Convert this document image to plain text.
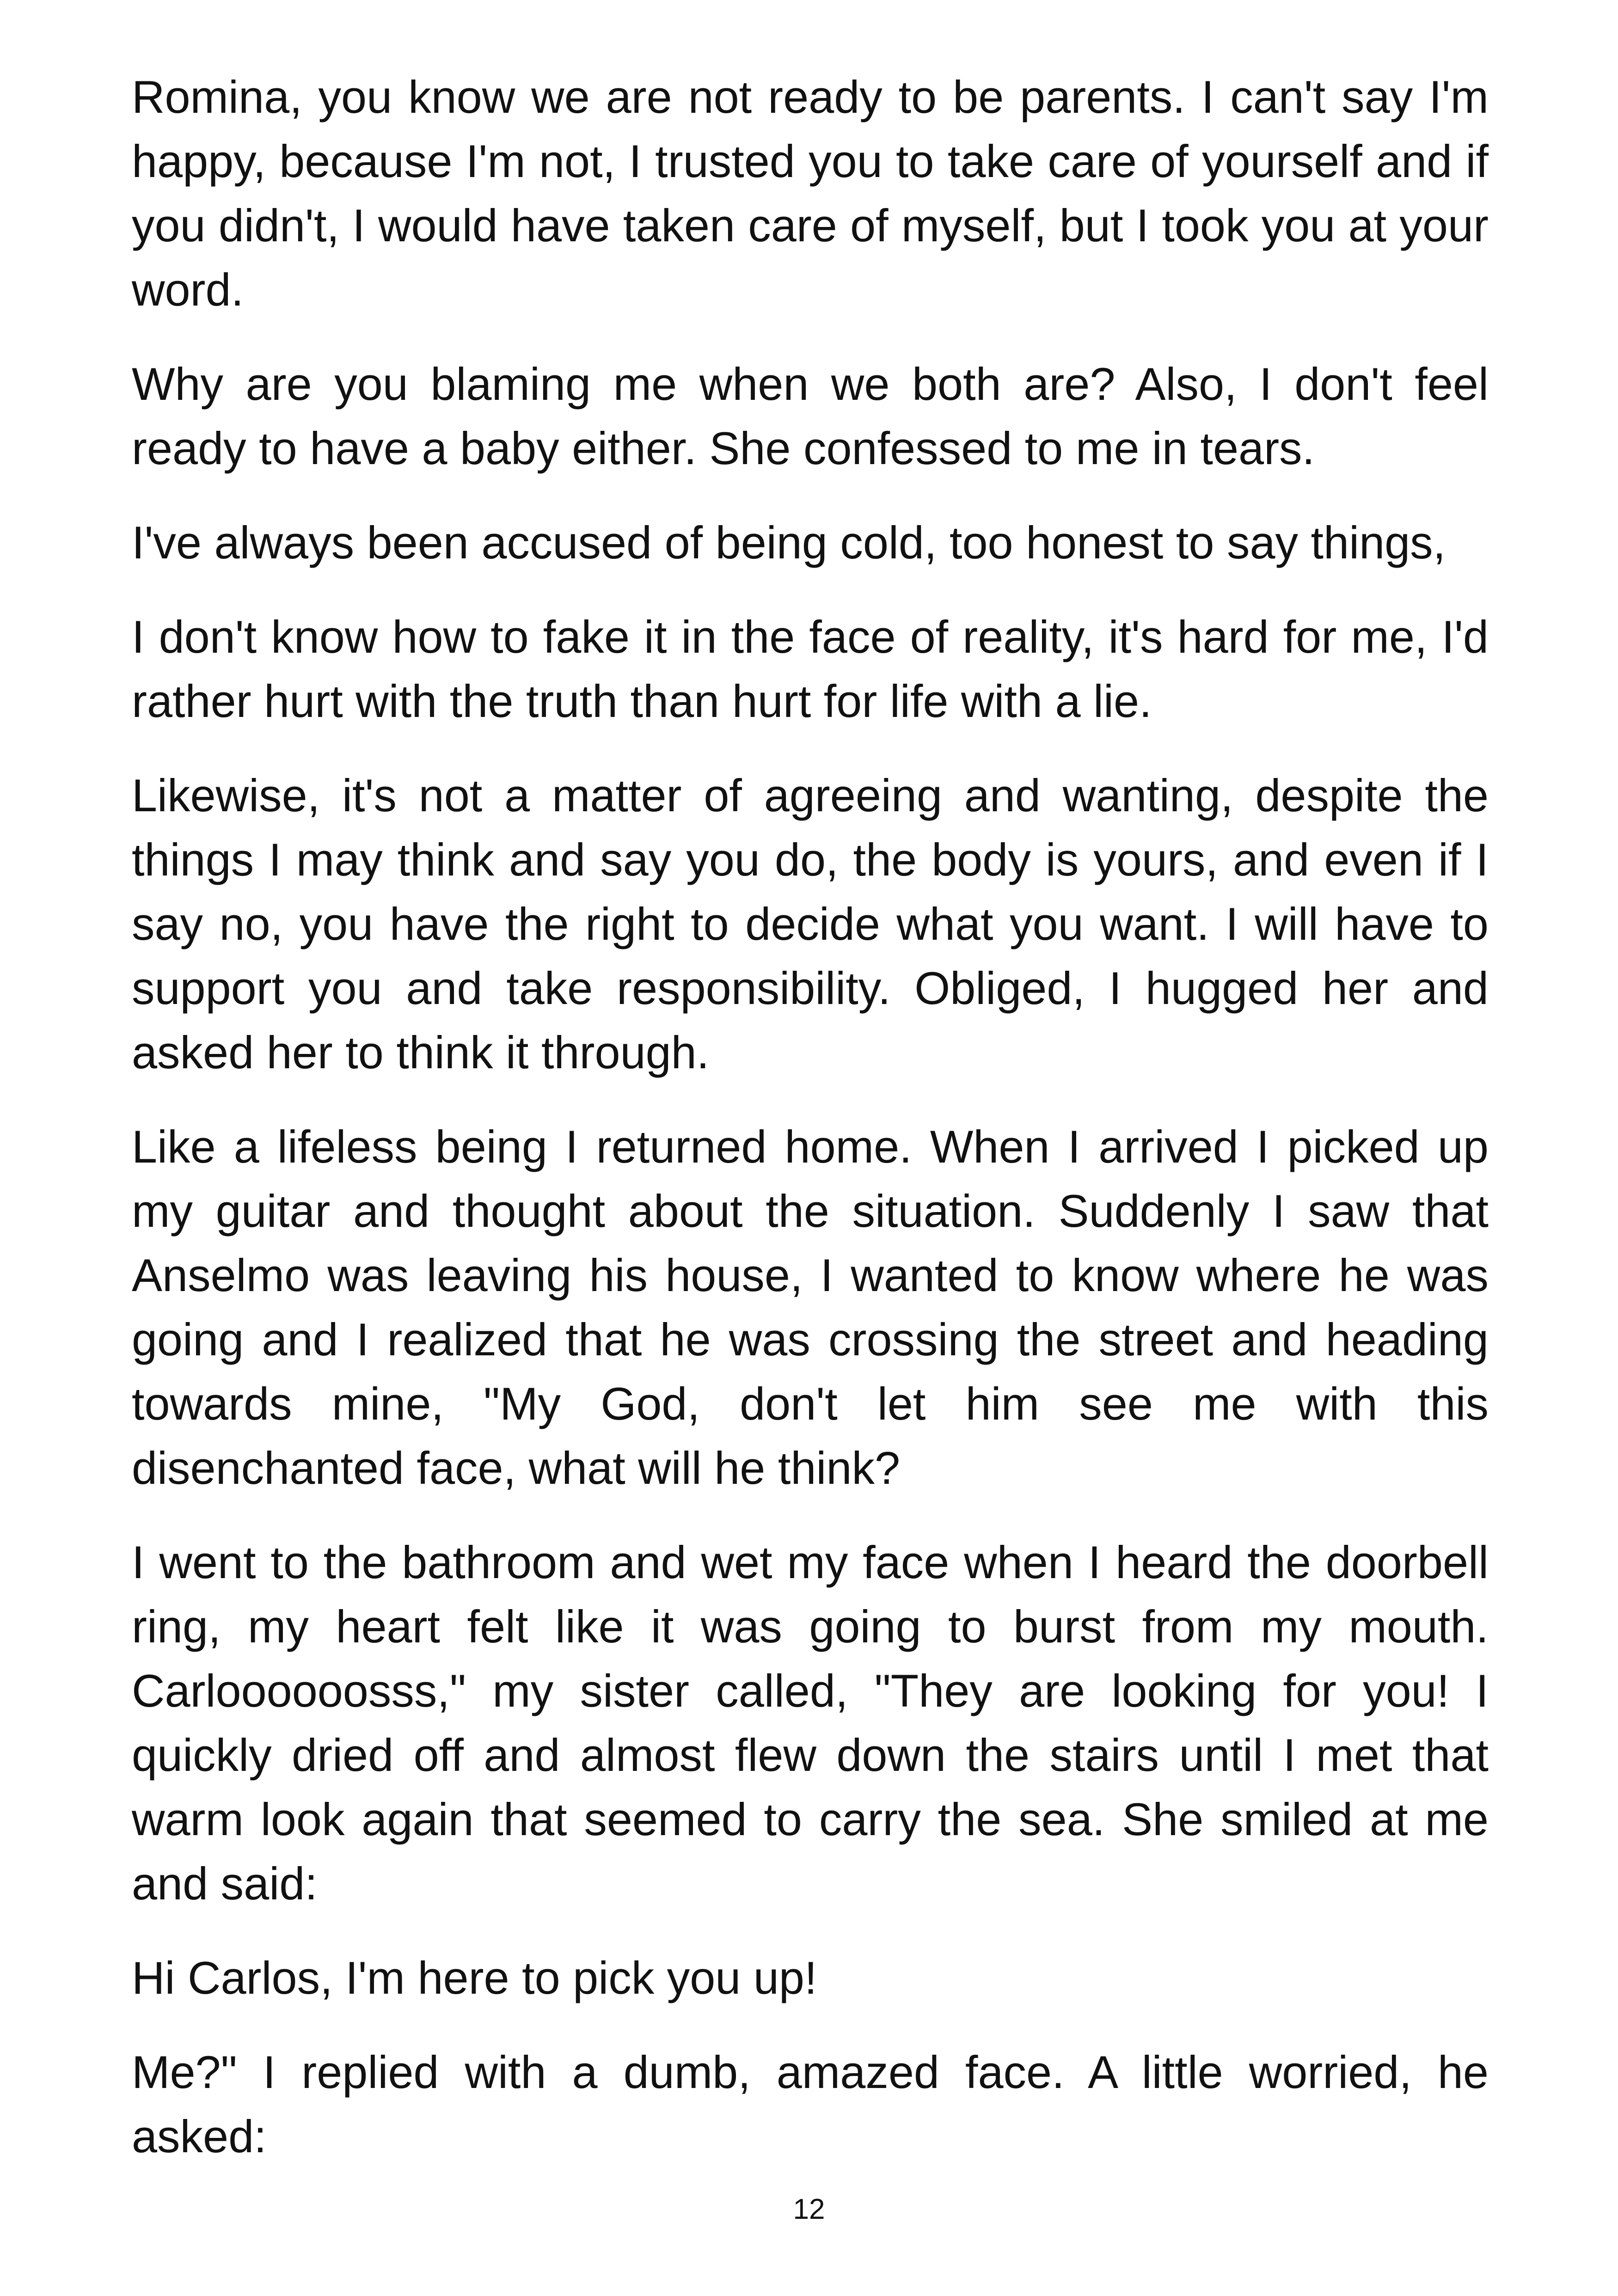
Romina, you know we are not ready to be parents. I can't say I'm happy, because I'm not, I trusted you to take care of yourself and if you didn't, I would have taken care of myself, but I took you at your word.

Why are you blaming me when we both are? Also, I don't feel ready to have a baby either. She confessed to me in tears.

I've always been accused of being cold, too honest to say things,

I don't know how to fake it in the face of reality, it's hard for me, I'd rather hurt with the truth than hurt for life with a lie.

Likewise, it's not a matter of agreeing and wanting, despite the things I may think and say you do, the body is yours, and even if I say no, you have the right to decide what you want. I will have to support you and take responsibility. Obliged, I hugged her and asked her to think it through.

Like a lifeless being I returned home. When I arrived I picked up my guitar and thought about the situation. Suddenly I saw that Anselmo was leaving his house, I wanted to know where he was going and I realized that he was crossing the street and heading towards mine, "My God, don't let him see me with this disenchanted face, what will he think?

I went to the bathroom and wet my face when I heard the doorbell ring, my heart felt like it was going to burst from my mouth. Carloooooosss," my sister called, "They are looking for you! I quickly dried off and almost flew down the stairs until I met that warm look again that seemed to carry the sea. She smiled at me and said:

Hi Carlos, I'm here to pick you up!

Me?" I replied with a dumb, amazed face. A little worried, he asked:

12
